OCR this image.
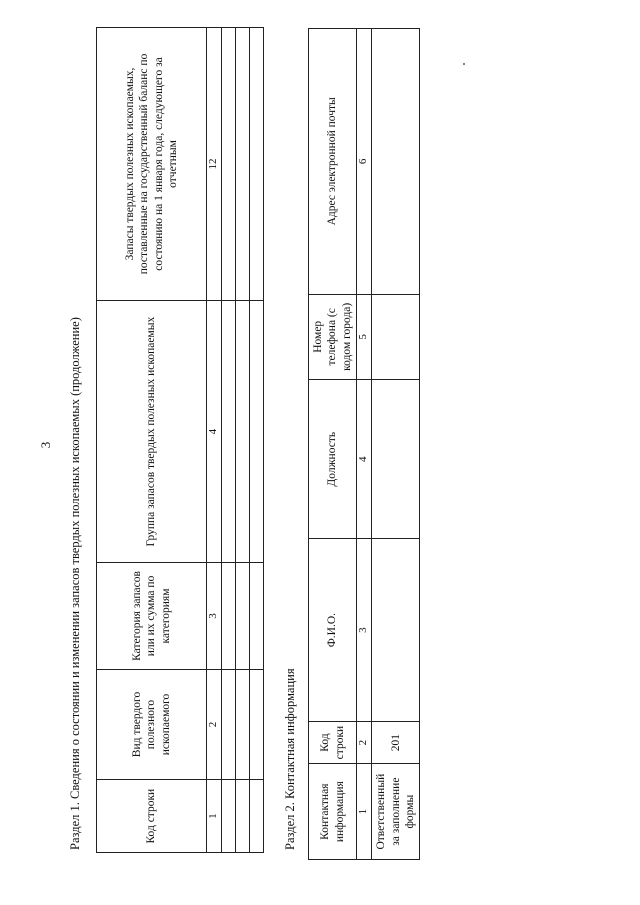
3 Раздел 1. Сведения о состоянии и изменении запасов твердых полезных ископаемых (продолжение)	Код строки	Вид твердого полезного ископаемого	Категория запасов или их сумма по категориям	Группа запасов твердых полезных ископаемых	Запасы твердых полезных ископаемых, поставленные на государственный баланс по состоянию на 1 января года, следующего за отчетным
1	2	3	4	12

Раздел 2. Контактная информация Контактная информация	Код строки	Ф.И.О.	Должность	Номер телефона (с кодом города)	Адрес электронной почты
1	2	3	4	5	6
Ответственный за заполнение формы	201				
